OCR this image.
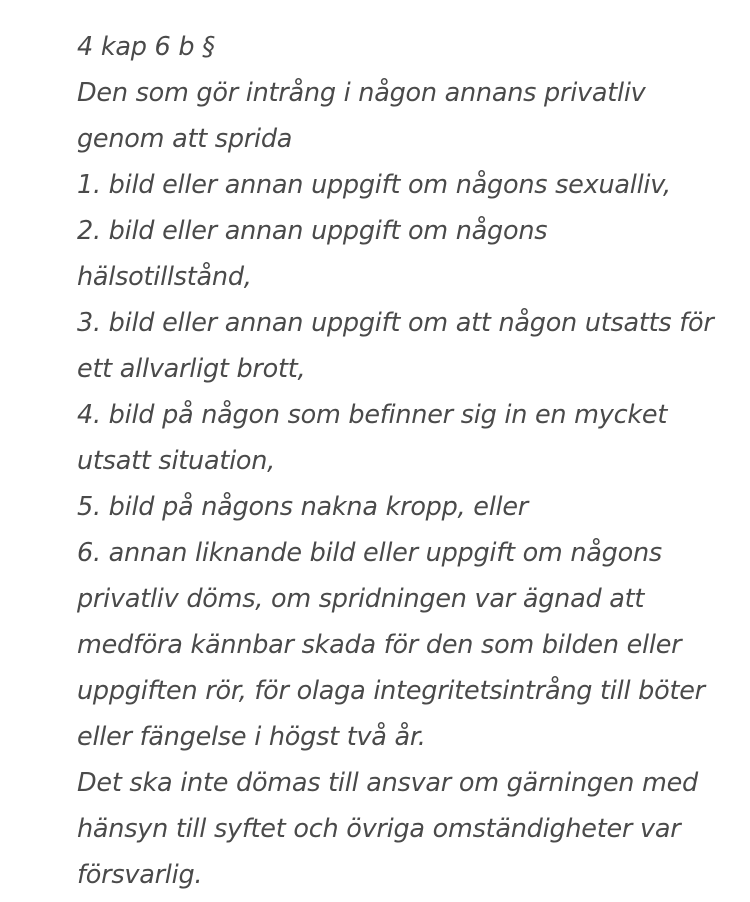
4 kap 6 b §

Den som gör intrång i någon annans privatliv genom att sprida

1. bild eller annan uppgift om någons sexualliv,

2. bild eller annan uppgift om någons hälsotillstånd,

3. bild eller annan uppgift om att någon utsatts för ett allvarligt brott,

4. bild på någon som befinner sig in en mycket utsatt situation,

5. bild på någons nakna kropp, eller

6. annan liknande bild eller uppgift om någons privatliv döms, om spridningen var ägnad att medföra kännbar skada för den som bilden eller uppgiften rör, för olaga integritetsintrång till böter eller fängelse i högst två år.

Det ska inte dömas till ansvar om gärningen med hänsyn till syftet och övriga omständigheter var försvarlig.
